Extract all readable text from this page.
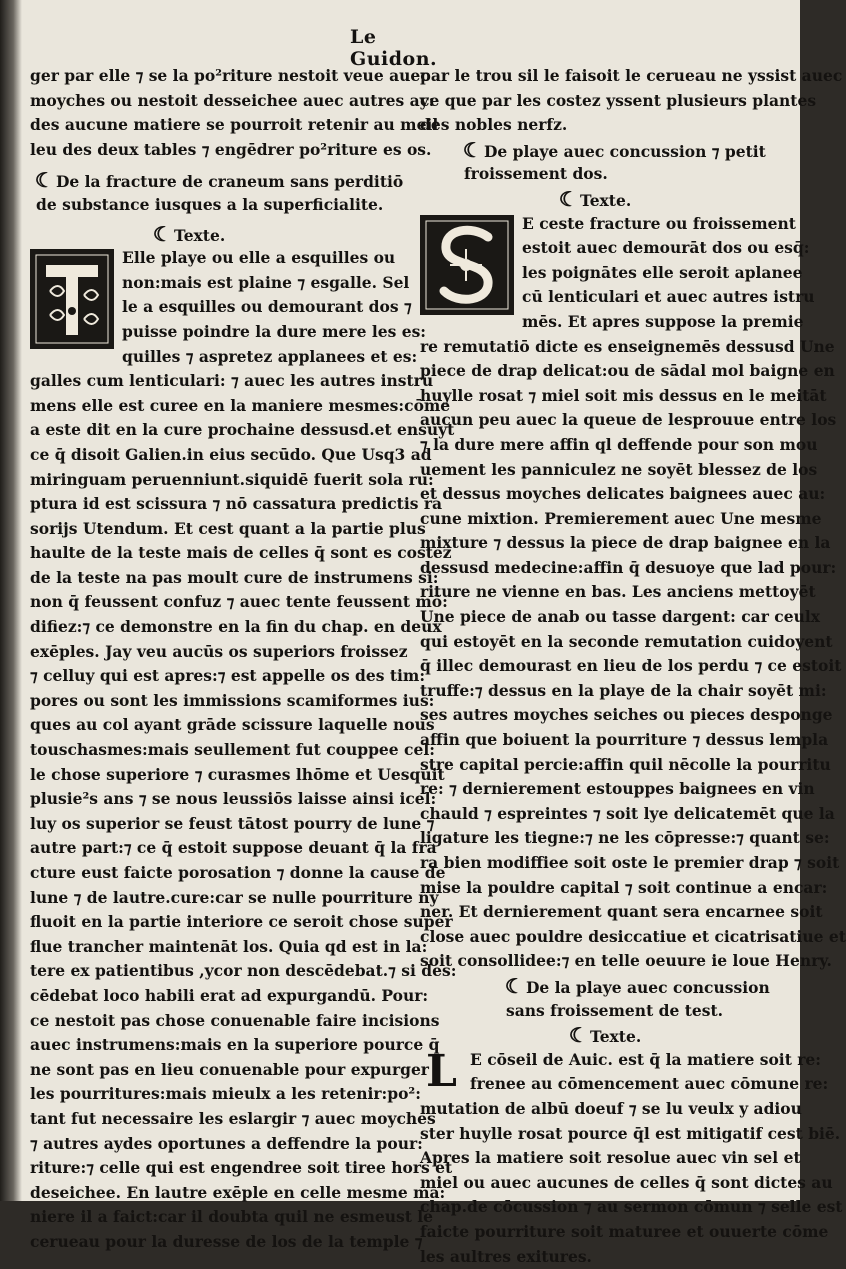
Le Guidon.
ger par elle ⁊ se la po²riture nestoit veue auec
moyches ou nestoit desseichee auec autres ay:
des aucune matiere se pourroit retenir au meil
leu des deux tables ⁊ engēdrer po²riture es os.
☾De la fracture de craneum sans perditiō
de substance iusques a la superficialite.
☾Texte.
Elle playe ou elle a esquilles ou
non:mais est plaine ⁊ esgalle. Sel
le a esquilles ou demourant dos ⁊
puisse poindre la dure mere les es:
quilles ⁊ aspretez applanees et es:
galles cum lenticulari: ⁊ auec les autres instru
mens elle est curee en la maniere mesmes:cōme
a este dit en la cure prochaine dessusd.et ensuyt
ce q̄ disoit Galien.in eius secūdo. Que Usq3 ad
miringuam peruenniunt.siquidē fuerit sola ru:
ptura id est scissura ⁊ nō cassatura predictis ra
sorijs Utendum. Et cest quant a la partie plus
haulte de la teste mais de celles q̄ sont es costez
de la teste na pas moult cure de instrumens si:
non q̄ feussent confuz ⁊ auec tente feussent mō:
difiez:⁊ ce demonstre en la fin du chap. en deux
exēples. Jay veu aucūs os superiors froissez
⁊ celluy qui est apres:⁊ est appelle os des tim:
pores ou sont les immissions scamiformes ius:
ques au col ayant grāde scissure laquelle nous
touschasmes:mais seullement fut couppee cel:
le chose superiore ⁊ curasmes lhōme et Uesquit
plusie²s ans ⁊ se nous leussiōs laisse ainsi icel:
luy os superior se feust tātost pourry de lune ⁊
autre part:⁊ ce q̄ estoit suppose deuant q̄ la fra
cture eust faicte porosation ⁊ donne la cause de
lune ⁊ de lautre.cure:car se nulle pourriture ny
fluoit en la partie interiore ce seroit chose super
flue trancher maintenāt los. Quia qd est in la:
tere ex patientibus ,ycor non descēdebat.⁊ si des:
cēdebat loco habili erat ad expurgandū. Pour:
ce nestoit pas chose conuenable faire incisions
auec instrumens:mais en la superiore pource q̄
ne sont pas en lieu conuenable pour expurger
les pourritures:mais mieulx a les retenir:po²:
tant fut necessaire les eslargir ⁊ auec moyches
⁊ autres aydes oportunes a deffendre la pour:
riture:⁊ celle qui est engendree soit tiree hors et
deseichee. En lautre exēple en celle mesme ma:
niere il a faict:car il doubta quil ne esmeust le
cerueau pour la duresse de los de la temple ⁊
par le trou sil le faisoit le cerueau ne yssist auec
ce que par les costez yssent plusieurs plantes
des nobles nerfz.
☾De playe auec concussion ⁊ petit
froissement dos.
☾Texte.
E ceste fracture ou froissement
estoit auec demourāt dos ou esq̄:
les poignātes elle seroit aplanee
cū lenticulari et auec autres istru
mēs. Et apres suppose la premie
re remutatiō dicte es enseignemēs dessusd Une
piece de drap delicat:ou de sādal mol baigne en
huylle rosat ⁊ miel soit mis dessus en le meitāt
aucun peu auec la queue de lesprouue entre los
⁊ la dure mere affin ql deffende pour son mou
uement les panniculez ne soyēt blessez de los
et dessus moyches delicates baignees auec au:
cune mixtion. Premierement auec Une mesme
mixture ⁊ dessus la piece de drap baignee en la
dessusd medecine:affin q̄ desuoye que lad pour:
riture ne vienne en bas. Les anciens mettoyēt
Une piece de anab ou tasse dargent: car ceulx
qui estoyēt en la seconde remutation cuidoyent
q̄ illec demourast en lieu de los perdu ⁊ ce estoit
truffe:⁊ dessus en la playe de la chair soyēt mi:
ses autres moyches seiches ou pieces desponge
affin que boiuent la pourriture ⁊ dessus lempla
stre capital percie:affin quil nēcolle la pourritu
re: ⁊ dernierement estouppes baignees en vin
chauld ⁊ espreintes ⁊ soit lye delicatemēt que la
ligature les tiegne:⁊ ne les cōpresse:⁊ quant se:
ra bien modiffiee soit oste le premier drap ⁊ soit
mise la pouldre capital ⁊ soit continue a encar:
ner. Et dernierement quant sera encarnee soit
close auec pouldre desiccatiue et cicatrisatiue et
soit consollidee:⁊ en telle oeuure ie loue Henry.
☾De la playe auec concussion
sans froissement de test.
☾Texte.
L E cōseil de Auic. est q̄ la matiere soit re:
frenee au cōmencement auec cōmune re:
mutation de albū doeuf ⁊ se lu veulx y adiou
ster huylle rosat pource q̄l est mitigatif cest biē.
Apres la matiere soit resolue auec vin sel et
miel ou auec aucunes de celles q̄ sont dictes au
chap.de cōcussion ⁊ au sermon cōmun ⁊ selle est
faicte pourriture soit maturee et ouuerte cōme
les aultres exitures.
